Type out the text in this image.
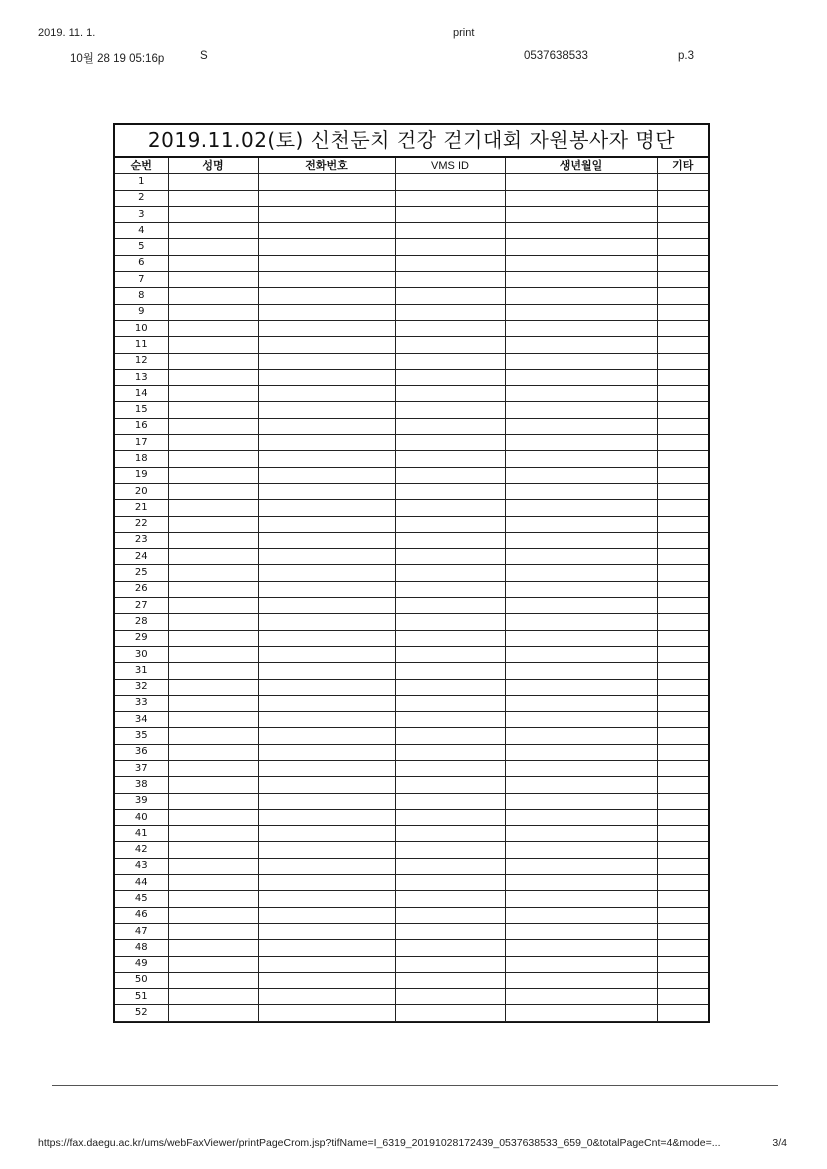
2019. 11. 1.	print
10월 28 19 05:16p	S	0537638533	p.3
2019.11.02(토) 신천둔치 건강 걷기대회 자원봉사자 명단
순번	성명	전화번호	VMS ID	생년월일	기타
1					
2					
3					
4					
5					
6					
7					
8					
9					
10					
11					
12					
13					
14					
15					
16					
17					
18					
19					
20					
21					
22					
23					
24					
25					
26					
27					
28					
29					
30					
31					
32					
33					
34					
35					
36					
37					
38					
39					
40					
41					
42					
43					
44					
45					
46					
47					
48					
49					
50					
51					
52					
https://fax.daegu.ac.kr/ums/webFaxViewer/printPageCrom.jsp?tifName=I_6319_20191028172439_0537638533_659_0&totalPageCnt=4&mode=...	3/4
